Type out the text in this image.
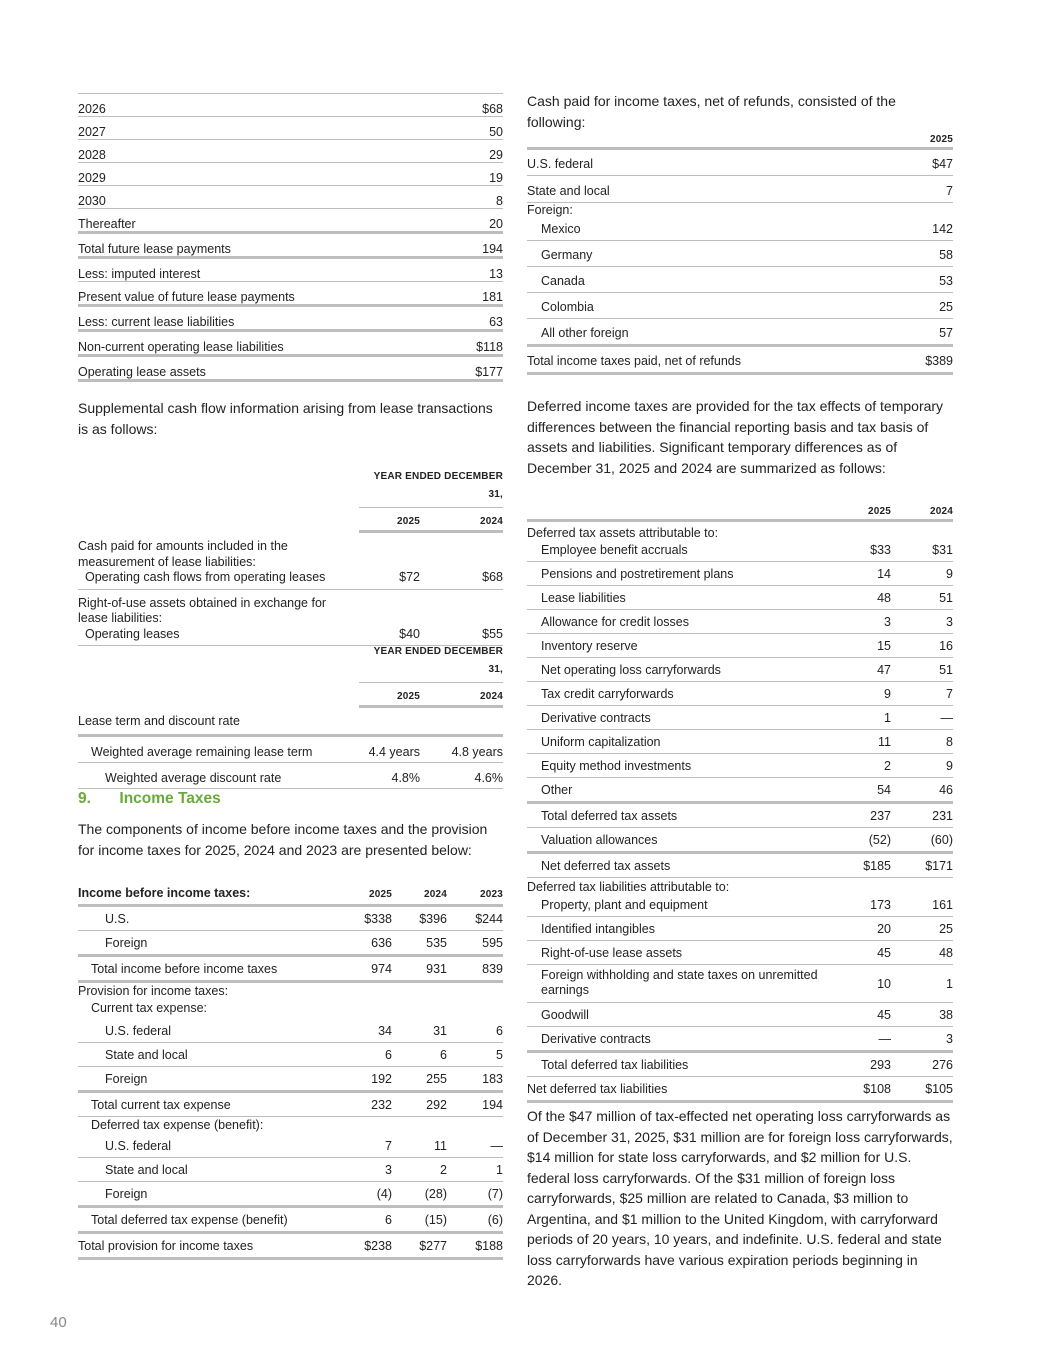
2026	$68
2027	50
2028	29
2029	19
2030	8
Thereafter	20
Total future lease payments	194
Less: imputed interest	13
Present value of future lease payments	181
Less: current lease liabilities	63
Non-current operating lease liabilities	$118
Operating lease assets	$177
Supplemental cash flow information arising from lease transactions is as follows:
YEAR ENDED DECEMBER 31,
2025	2024
Cash paid for amounts included in the
measurement of lease liabilities:
Operating cash flows from operating leases	$72	$68
Right-of-use assets obtained in exchange for
lease liabilities:
Operating leases	$40	$55
YEAR ENDED DECEMBER 31,
2025	2024
Lease term and discount rate
Weighted average remaining lease term	4.4 years	4.8 years
Weighted average discount rate	4.8%	4.6%
9. Income Taxes
The components of income before income taxes and the provision for income taxes for 2025, 2024 and 2023 are presented below:
Income before income taxes:	2025	2024	2023
U.S.	$338 $396 $244
Foreign	636	535	595
Total income before income taxes	974	931	839
Provision for income taxes:
Current tax expense:
U.S. federal	34	31	6
State and local	6	6	5
Foreign	192	255	183
Total current tax expense	232	292	194
Deferred tax expense (benefit):
U.S. federal	7	11	—
State and local	3	2	1
Foreign	(4)	(28)	(7)
Total deferred tax expense (benefit)	6	(15)	(6)
Total provision for income taxes	$238 $277 $188
40
Cash paid for income taxes, net of refunds, consisted of the following:
2025
U.S. federal	$47
State and local	7
Foreign:
Mexico	142
Germany	58
Canada	53
Colombia	25
All other foreign	57
Total income taxes paid, net of refunds	$389
Deferred income taxes are provided for the tax effects of temporary differences between the financial reporting basis and tax basis of assets and liabilities. Significant temporary differences as of December 31, 2025 and 2024 are summarized as follows:
2025	2024
Deferred tax assets attributable to:
Employee benefit accruals	$33	$31
Pensions and postretirement plans	14	9
Lease liabilities	48	51
Allowance for credit losses	3	3
Inventory reserve	15	16
Net operating loss carryforwards	47	51
Tax credit carryforwards	9	7
Derivative contracts	1	—
Uniform capitalization	11	8
Equity method investments	2	9
Other	54	46
Total deferred tax assets	237	231
Valuation allowances	(52)	(60)
Net deferred tax assets	$185	$171
Deferred tax liabilities attributable to:
Property, plant and equipment	173	161
Identified intangibles	20	25
Right-of-use lease assets	45	48
Foreign withholding and state taxes on unremitted earnings	10	1
Goodwill	45	38
Derivative contracts	—	3
Total deferred tax liabilities	293	276
Net deferred tax liabilities	$108	$105
Of the $47 million of tax-effected net operating loss carryforwards as of December 31, 2025, $31 million are for foreign loss carryforwards, $14 million for state loss carryforwards, and $2 million for U.S. federal loss carryforwards. Of the $31 million of foreign loss carryforwards, $25 million are related to Canada, $3 million to Argentina, and $1 million to the United Kingdom, with carryforward periods of 20 years, 10 years, and indefinite. U.S. federal and state loss carryforwards have various expiration periods beginning in 2026.
